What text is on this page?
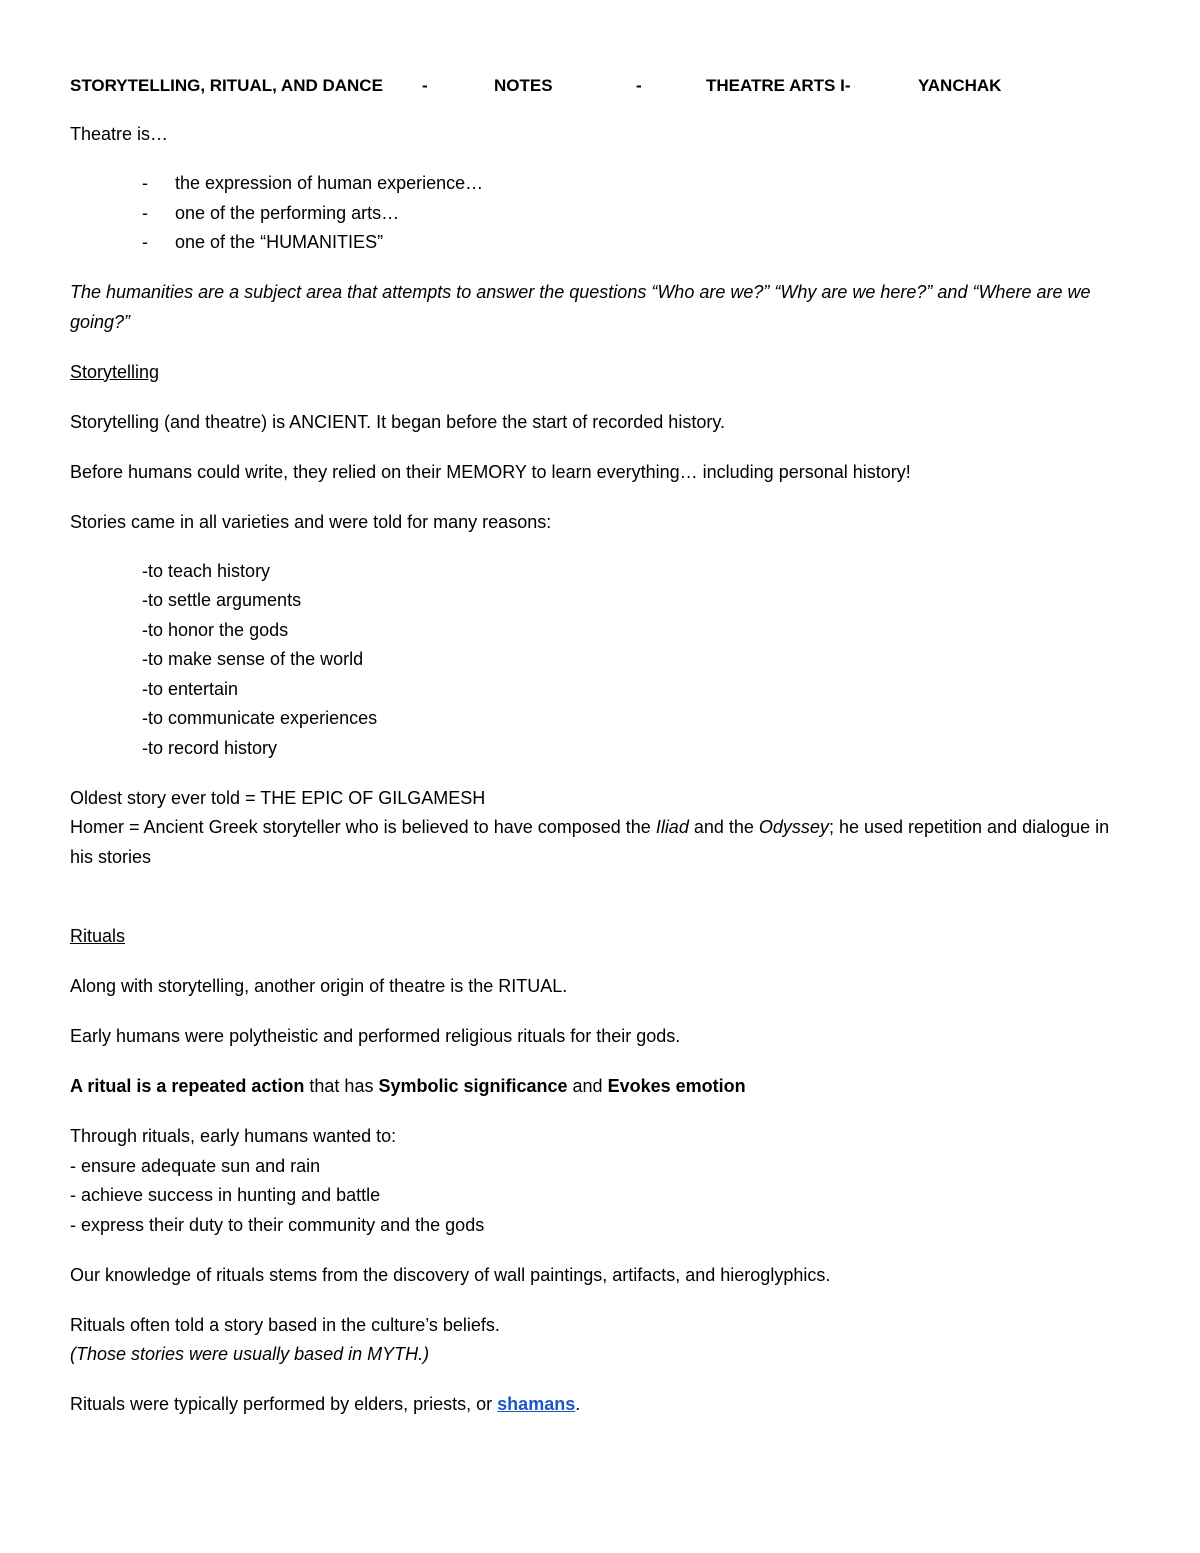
STORYTELLING, RITUAL, AND DANCE	-	NOTES	-	THEATRE ARTS I-	YANCHAK

Theatre is…

- the expression of human experience…
- one of the performing arts…
- one of the “HUMANITIES”

The humanities are a subject area that attempts to answer the questions “Who are we?” “Why are we here?” and “Where are we going?”

Storytelling

Storytelling (and theatre) is ANCIENT. It began before the start of recorded history.

Before humans could write, they relied on their MEMORY to learn everything… including personal history!

Stories came in all varieties and were told for many reasons:

-to teach history
-to settle arguments
-to honor the gods
-to make sense of the world
-to entertain
-to communicate experiences
-to record history

Oldest story ever told = THE EPIC OF GILGAMESH

Homer = Ancient Greek storyteller who is believed to have composed the Iliad and the Odyssey; he used repetition and dialogue in his stories

Rituals

Along with storytelling, another origin of theatre is the RITUAL.

Early humans were polytheistic and performed religious rituals for their gods.

A ritual is a repeated action that has Symbolic significance and Evokes emotion

Through rituals, early humans wanted to:

- ensure adequate sun and rain
- achieve success in hunting and battle
- express their duty to their community and the gods

Our knowledge of rituals stems from the discovery of wall paintings, artifacts, and hieroglyphics.

Rituals often told a story based in the culture’s beliefs.

(Those stories were usually based in MYTH.)

Rituals were typically performed by elders, priests, or shamans.
